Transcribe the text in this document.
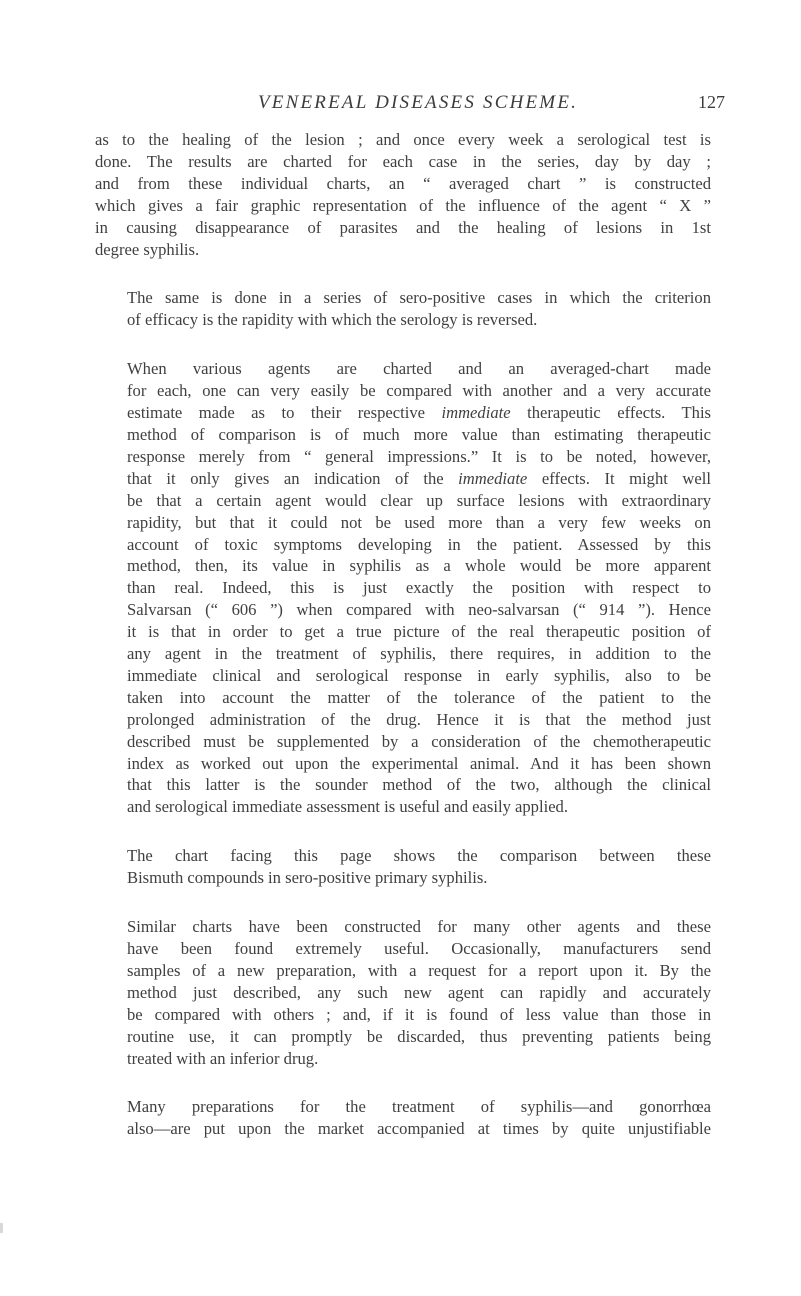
VENEREAL DISEASES SCHEME.	127

as to the healing of the lesion ; and once every week a serological test is
done. The results are charted for each case in the series, day by day ;
and from these individual charts, an “ averaged chart ” is constructed
which gives a fair graphic representation of the influence of the agent “ X ”
in causing disappearance of parasites and the healing of lesions in 1st
degree syphilis.

The same is done in a series of sero-positive cases in which the criterion
of efficacy is the rapidity with which the serology is reversed.

When various agents are charted and an averaged-chart made
for each, one can very easily be compared with another and a very accurate
estimate made as to their respective immediate therapeutic effects. This
method of comparison is of much more value than estimating therapeutic
response merely from “ general impressions.” It is to be noted, however,
that it only gives an indication of the immediate effects. It might well
be that a certain agent would clear up surface lesions with extraordinary
rapidity, but that it could not be used more than a very few weeks on
account of toxic symptoms developing in the patient. Assessed by this
method, then, its value in syphilis as a whole would be more apparent
than real. Indeed, this is just exactly the position with respect to
Salvarsan (“ 606 ”) when compared with neo-salvarsan (“ 914 ”). Hence
it is that in order to get a true picture of the real therapeutic position of
any agent in the treatment of syphilis, there requires, in addition to the
immediate clinical and serological response in early syphilis, also to be
taken into account the matter of the tolerance of the patient to the
prolonged administration of the drug. Hence it is that the method just
described must be supplemented by a consideration of the chemotherapeutic
index as worked out upon the experimental animal. And it has been shown
that this latter is the sounder method of the two, although the clinical
and serological immediate assessment is useful and easily applied.

The chart facing this page shows the comparison between these
Bismuth compounds in sero-positive primary syphilis.

Similar charts have been constructed for many other agents and these
have been found extremely useful. Occasionally, manufacturers send
samples of a new preparation, with a request for a report upon it. By the
method just described, any such new agent can rapidly and accurately
be compared with others ; and, if it is found of less value than those in
routine use, it can promptly be discarded, thus preventing patients being
treated with an inferior drug.

Many preparations for the treatment of syphilis—and gonorrhœa
also—are put upon the market accompanied at times by quite unjustifiable
